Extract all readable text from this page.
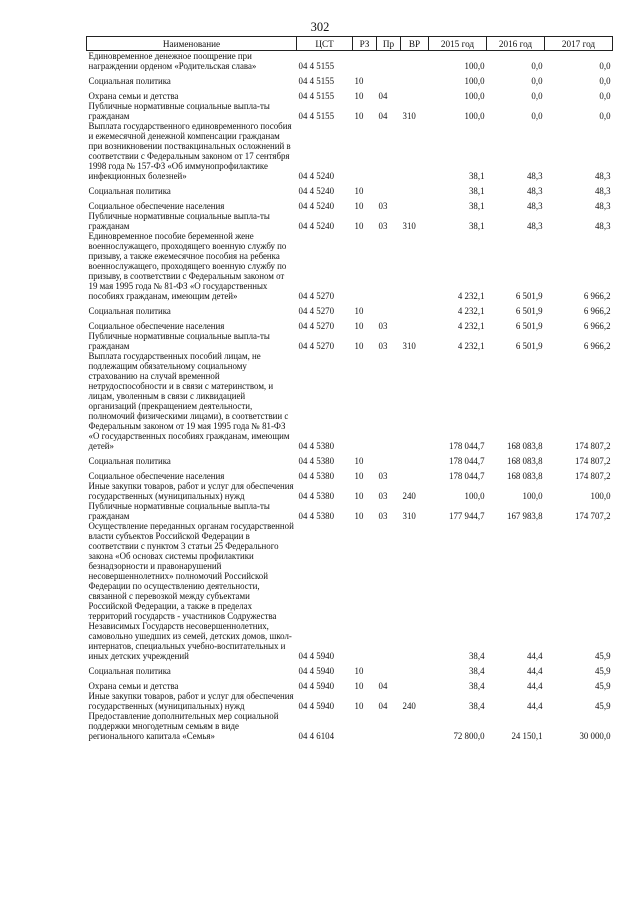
302
Наименование	ЦСТ	РЗ	Пр	ВР	2015 год	2016 год	2017 год
Единовременное денежное поощрение при награждении орденом «Родительская слава»	04 4 5155				100,0	0,0	0,0
Социальная политика	04 4 5155	10			100,0	0,0	0,0
Охрана семьи и детства	04 4 5155	10	04		100,0	0,0	0,0
Публичные нормативные социальные выпла-ты гражданам	04 4 5155	10	04	310	100,0	0,0	0,0
Выплата государственного единовременного пособия и ежемесячной денежной компенсации гражданам при возникновении поствакцинальных осложнений в соответствии с Федеральным законом от 17 сентября 1998 года № 157-ФЗ «Об иммунопрофилактике инфекционных болезней»	04 4 5240				38,1	48,3	48,3
Социальная политика	04 4 5240	10			38,1	48,3	48,3
Социальное обеспечение населения	04 4 5240	10	03		38,1	48,3	48,3
Публичные нормативные социальные выпла-ты гражданам	04 4 5240	10	03	310	38,1	48,3	48,3
Единовременное пособие беременной жене военнослужащего, проходящего военную службу по призыву, а также ежемесячное пособия на ребенка военнослужащего, проходящего военную службу по призыву, в соответствии с Федеральным законом от 19 мая 1995 года № 81-ФЗ «О государственных пособиях гражданам, имеющим детей»	04 4 5270				4 232,1	6 501,9	6 966,2
Социальная политика	04 4 5270	10			4 232,1	6 501,9	6 966,2
Социальное обеспечение населения	04 4 5270	10	03		4 232,1	6 501,9	6 966,2
Публичные нормативные социальные выпла-ты гражданам	04 4 5270	10	03	310	4 232,1	6 501,9	6 966,2
Выплата государственных пособий лицам, не подлежащим обязательному социальному страхованию на случай временной нетрудоспособности и в связи с материнством, и лицам, уволенным в связи с ликвидацией организаций (прекращением деятельности, полномочий физическими лицами), в соответствии с Федеральным законом от 19 мая 1995 года № 81-ФЗ «О государственных пособиях гражданам, имеющим детей»	04 4 5380				178 044,7	168 083,8	174 807,2
Социальная политика	04 4 5380	10			178 044,7	168 083,8	174 807,2
Социальное обеспечение населения	04 4 5380	10	03		178 044,7	168 083,8	174 807,2
Иные закупки товаров, работ и услуг для обеспечения государственных (муниципальных) нужд	04 4 5380	10	03	240	100,0	100,0	100,0
Публичные нормативные социальные выпла-ты гражданам	04 4 5380	10	03	310	177 944,7	167 983,8	174 707,2
Осуществление переданных органам государственной власти субъектов Российской Федерации в соответствии с пунктом 3 статьи 25 Федерального закона «Об основах системы профилактики безнадзорности и правонарушений несовершеннолетних» полномочий Российской Федерации по осуществлению деятельности, связанной с перевозкой между субъектами Российской Федерации, а также в пределах территорий государств - участников Содружества Независимых Государств несовершеннолетних, самовольно ушедших из семей, детских домов, школ-интернатов, специальных учебно-воспитательных и иных детских учреждений	04 4 5940				38,4	44,4	45,9
Социальная политика	04 4 5940	10			38,4	44,4	45,9
Охрана семьи и детства	04 4 5940	10	04		38,4	44,4	45,9
Иные закупки товаров, работ и услуг для обеспечения государственных (муниципальных) нужд	04 4 5940	10	04	240	38,4	44,4	45,9
Предоставление дополнительных мер социальной поддержки многодетным семьям в виде регионального капитала «Семья»	04 4 6104				72 800,0	24 150,1	30 000,0
